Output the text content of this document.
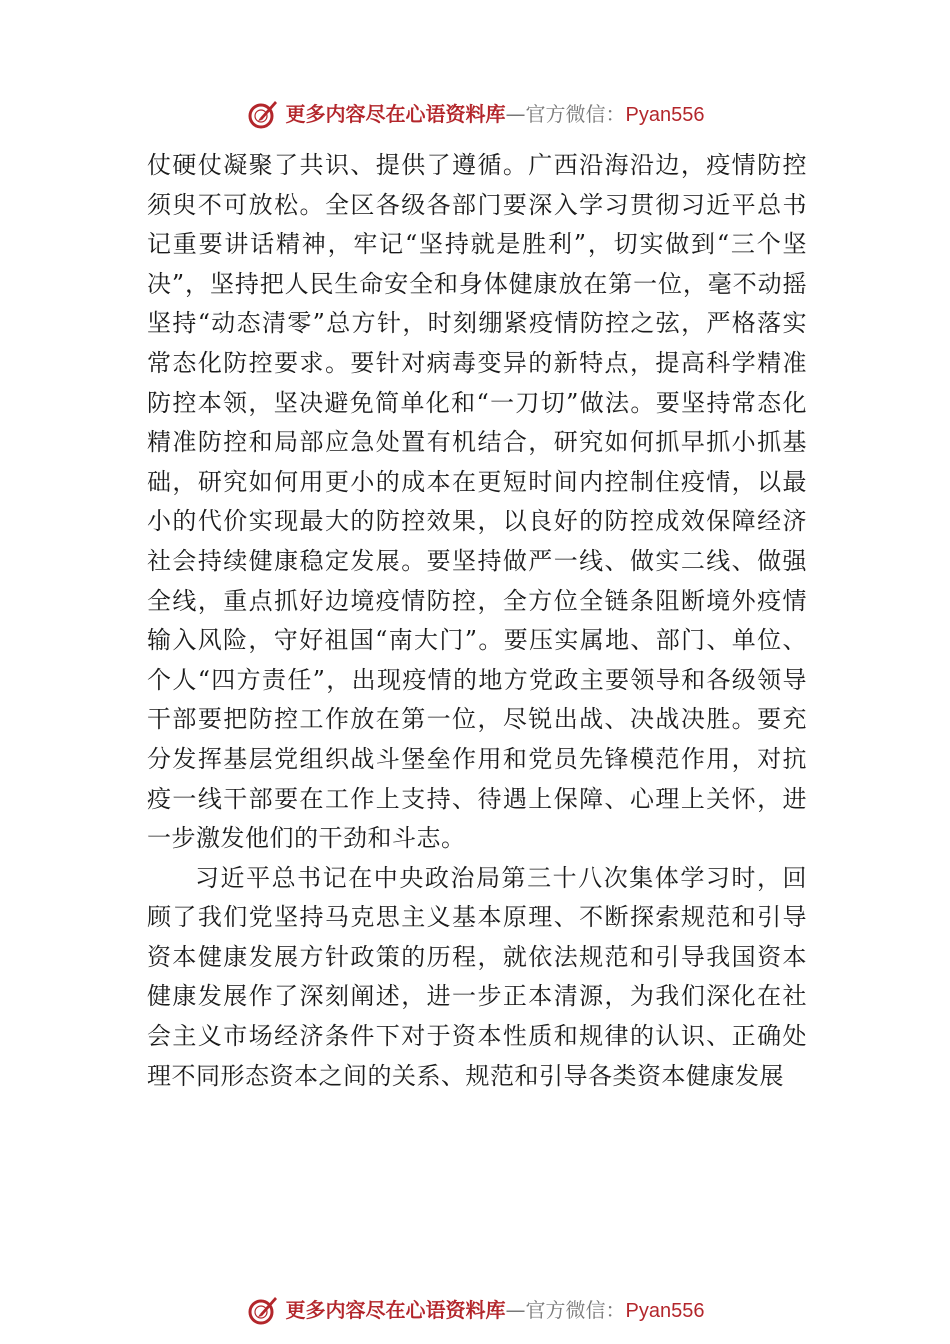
更多内容尽在心语资料库 — 官方微信： Pyan556

仗硬仗凝聚了共识、提供了遵循。广西沿海沿边，疫情防控须臾不可放松。全区各级各部门要深入学习贯彻习近平总书记重要讲话精神，牢记“坚持就是胜利”，切实做到“三个坚决”，坚持把人民生命安全和身体健康放在第一位，毫不动摇坚持“动态清零”总方针，时刻绷紧疫情防控之弦，严格落实常态化防控要求。要针对病毒变异的新特点，提高科学精准防控本领，坚决避免简单化和“一刀切”做法。要坚持常态化精准防控和局部应急处置有机结合，研究如何抓早抓小抓基础，研究如何用更小的成本在更短时间内控制住疫情，以最小的代价实现最大的防控效果，以良好的防控成效保障经济社会持续健康稳定发展。要坚持做严一线、做实二线、做强全线，重点抓好边境疫情防控，全方位全链条阻断境外疫情输入风险，守好祖国“南大门”。要压实属地、部门、单位、个人“四方责任”，出现疫情的地方党政主要领导和各级领导干部要把防控工作放在第一位，尽锐出战、决战决胜。要充分发挥基层党组织战斗堡垒作用和党员先锋模范作用，对抗疫一线干部要在工作上支持、待遇上保障、心理上关怀，进一步激发他们的干劲和斗志。

习近平总书记在中央政治局第三十八次集体学习时，回顾了我们党坚持马克思主义基本原理、不断探索规范和引导资本健康发展方针政策的历程，就依法规范和引导我国资本健康发展作了深刻阐述，进一步正本清源，为我们深化在社会主义市场经济条件下对于资本性质和规律的认识、正确处理不同形态资本之间的关系、规范和引导各类资本健康发展

更多内容尽在心语资料库 — 官方微信： Pyan556
